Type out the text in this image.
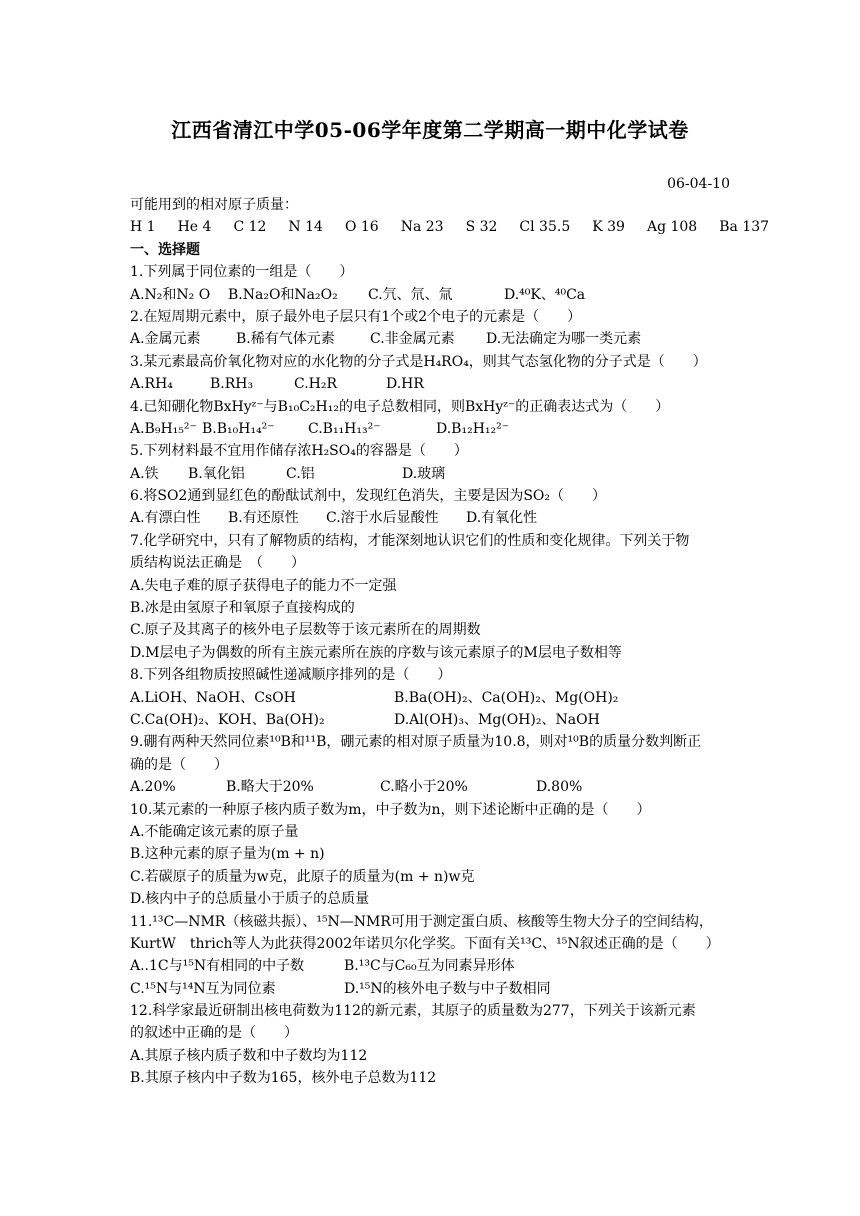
江西省清江中学05-06学年度第二学期高一期中化学试卷
06-04-10
可能用到的相对原子质量：
H 1 He 4 C 12 N 14 O 16 Na 23 S 32 Cl 35.5 K 39 Ag 108 Ba 137
一、选择题
1.下列属于同位素的一组是（　　）
A.N₂和N₂ O B.Na₂O和Na₂O₂ C.氕、氘、氚	D.⁴⁰K、⁴⁰Ca
2.在短周期元素中，原子最外电子层只有1个或2个电子的元素是（　　）
A.金属元素	B.稀有气体元素	C.非金属元素 D.无法确定为哪一类元素
3.某元素最高价氧化物对应的水化物的分子式是H₄RO₄，则其气态氢化物的分子式是（　　）
A.RH₄	B.RH₃	C.H₂R	D.HR
4.已知硼化物BxHyᶻ⁻与B₁₀C₂H₁₂的电子总数相同，则BxHyᶻ⁻的正确表达式为（　　）
A.B₉H₁₅²⁻ B.B₁₀H₁₄²⁻ C.B₁₁H₁₃²⁻	D.B₁₂H₁₂²⁻
5.下列材料最不宜用作储存浓H₂SO₄的容器是（　　）
A.铁 B.氧化铝	C.铝	D.玻璃
6.将SO2通到显红色的酚酞试剂中，发现红色消失，主要是因为SO₂（　　）
A.有漂白性 B.有还原性 C.溶于水后显酸性 D.有氧化性
7.化学研究中，只有了解物质的结构，才能深刻地认识它们的性质和变化规律。下列关于物
质结构说法正确是　（　　）
A.失电子难的原子获得电子的能力不一定强
B.冰是由氢原子和氧原子直接构成的
C.原子及其离子的核外电子层数等于该元素所在的周期数
D.M层电子为偶数的所有主族元素所在族的序数与该元素原子的M层电子数相等
8.下列各组物质按照碱性递减顺序排列的是（　　）
A.LiOH、NaOH、CsOH	B.Ba(OH)₂、Ca(OH)₂、Mg(OH)₂
C.Ca(OH)₂、KOH、Ba(OH)₂	D.Al(OH)₃、Mg(OH)₂、NaOH
9.硼有两种天然同位素¹⁰B和¹¹B，硼元素的相对原子质量为10.8，则对¹⁰B的质量分数判断正
确的是（　　）
A.20%	B.略大于20%	C.略小于20%	D.80%
10.某元素的一种原子核内质子数为m，中子数为n，则下述论断中正确的是（　　）
A.不能确定该元素的原子量
B.这种元素的原子量为(m + n)
C.若碳原子的质量为w克，此原子的质量为(m + n)w克
D.核内中子的总质量小于质子的总质量
11.¹³C—NMR（核磁共振）、¹⁵N—NMR可用于测定蛋白质、核酸等生物大分子的空间结构，
KurtW　thrich等人为此获得2002年诺贝尔化学奖。下面有关¹³C、¹⁵N叙述正确的是（　　）
A..1C与¹⁵N有相同的中子数	B.¹³C与C₆₀互为同素异形体
C.¹⁵N与¹⁴N互为同位素	D.¹⁵N的核外电子数与中子数相同
12.科学家最近研制出核电荷数为112的新元素，其原子的质量数为277，下列关于该新元素
的叙述中正确的是（　　）
A.其原子核内质子数和中子数均为112
B.其原子核内中子数为165，核外电子总数为112
